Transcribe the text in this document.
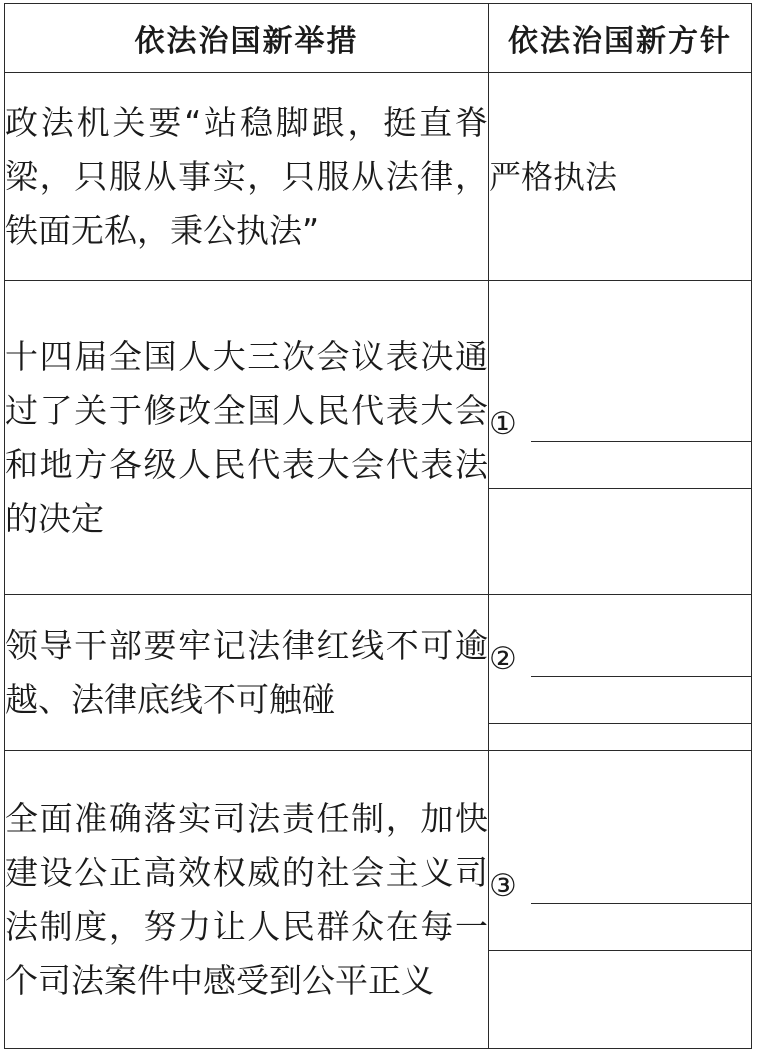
依法治国新举措	依法治国新方针
政法机关要“站稳脚跟，挺直脊梁，只服从事实，只服从法律，铁面无私，秉公执法”	严格执法

十四届全国人大三次会议表决通过了关于修改全国人民代表大会和地方各级人民代表大会代表法的决定	①

领导干部要牢记法律红线不可逾越、法律底线不可触碰	②

全面准确落实司法责任制，加快建设公正高效权威的社会主义司法制度，努力让人民群众在每一个司法案件中感受到公平正义	③
